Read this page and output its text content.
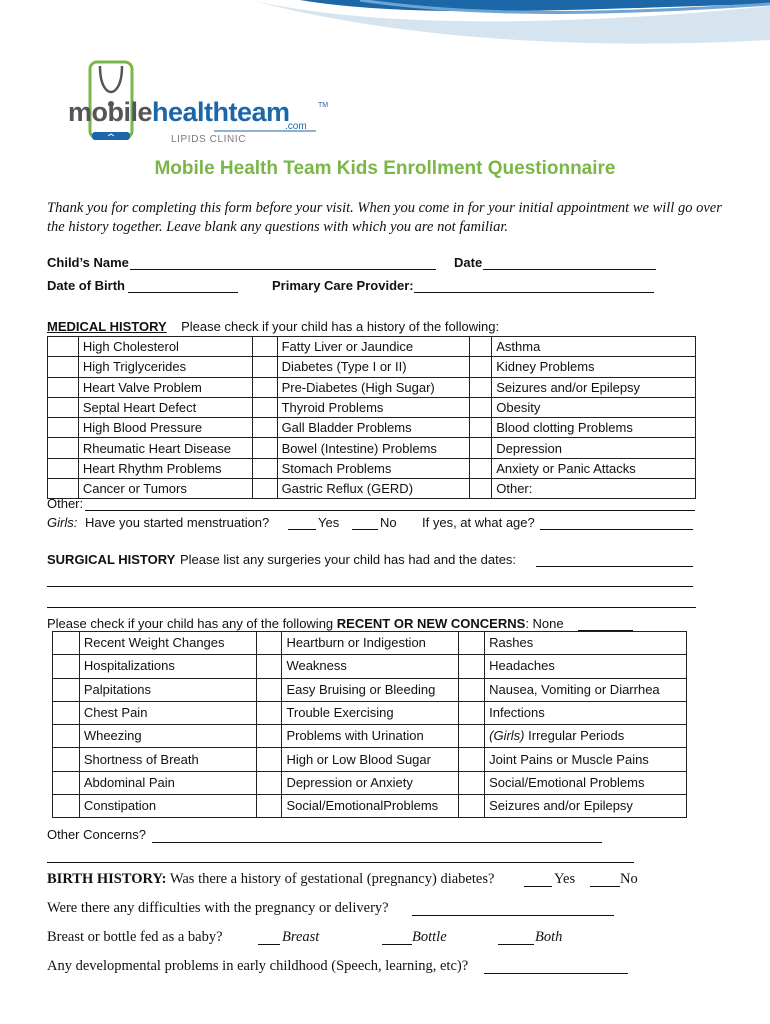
mobilehealthteam	TM
.com
LIPIDS CLINIC
Mobile Health Team Kids Enrollment Questionnaire
Thank you for completing this form before your visit. When you come in for your initial appointment we will go over the history together. Leave blank any questions with which you are not familiar.
Child’s Name	Date
Date of Birth	Primary Care Provider:
MEDICAL HISTORY Please check if your child has a history of the following:
	High Cholesterol		Fatty Liver or Jaundice		Asthma
	High Triglycerides		Diabetes (Type I or II)		Kidney Problems
	Heart Valve Problem		Pre-Diabetes (High Sugar)		Seizures and/or Epilepsy
	Septal Heart Defect		Thyroid Problems		Obesity
	High Blood Pressure		Gall Bladder Problems		Blood clotting Problems
	Rheumatic Heart Disease		Bowel (Intestine) Problems		Depression
	Heart Rhythm Problems		Stomach Problems		Anxiety or Panic Attacks
	Cancer or Tumors		Gastric Reflux (GERD)		Other:
Other:
Girls: Have you started menstruation?	Yes	No If yes, at what age?
SURGICAL HISTORY Please list any surgeries your child has had and the dates:
Please check if your child has any of the following RECENT OR NEW CONCERNS: None
	Recent Weight Changes		Heartburn or Indigestion		Rashes
	Hospitalizations		Weakness		Headaches
	Palpitations		Easy Bruising or Bleeding		Nausea, Vomiting or Diarrhea
	Chest Pain		Trouble Exercising		Infections
	Wheezing		Problems with Urination		(Girls) Irregular Periods
	Shortness of Breath		High or Low Blood Sugar		Joint Pains or Muscle Pains
	Abdominal Pain		Depression or Anxiety		Social/Emotional Problems
	Constipation		Social/EmotionalProblems		Seizures and/or Epilepsy
Other Concerns?
BIRTH HISTORY: Was there a history of gestational (pregnancy) diabetes?	Yes	No
Were there any difficulties with the pregnancy or delivery?
Breast or bottle fed as a baby?	Breast	Bottle	Both
Any developmental problems in early childhood (Speech, learning, etc)?
